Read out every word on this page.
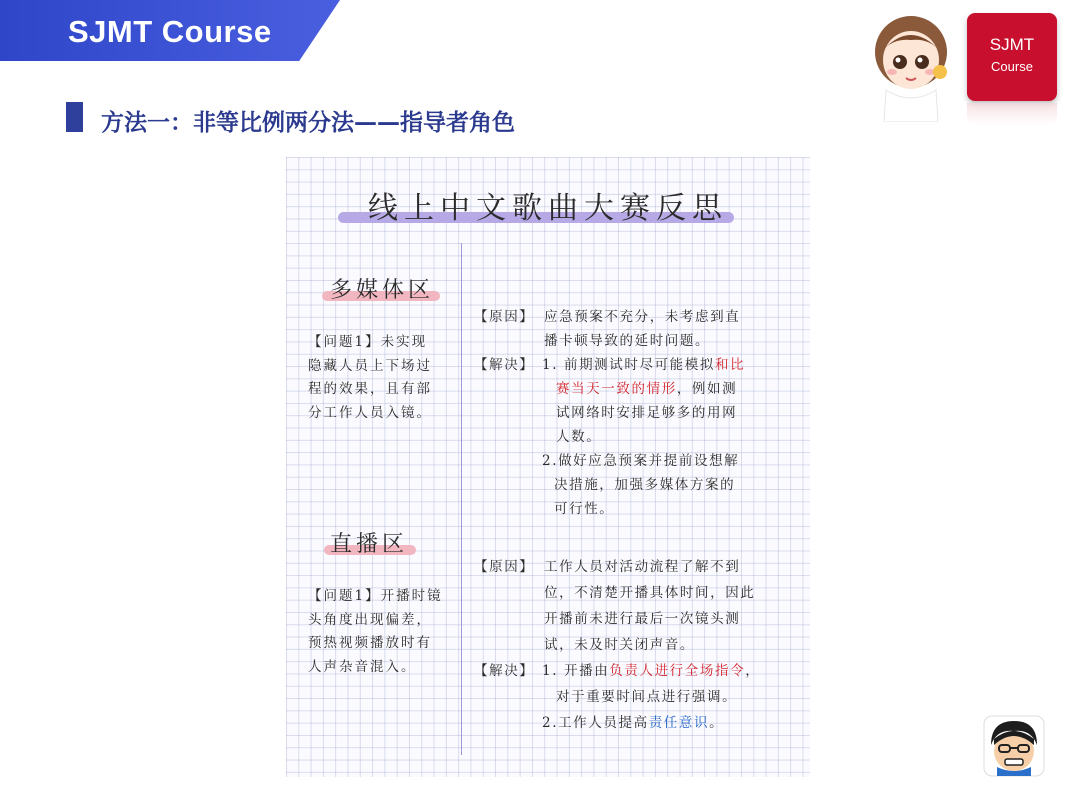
SJMT Course	SJMT
Course
方法一：非等比例两分法——指导者角色
线上中文歌曲大赛反思
多媒体区
【问题1】未实现隐藏人员上下场过程的效果，且有部分工作人员入镜。
【原因】 应急预案不充分，未考虑到直
播卡顿导致的延时问题。
【解决】 1. 前期测试时尽可能模拟和比
赛当天一致的情形，例如测
试网络时安排足够多的用网
人数。
2.做好应急预案并提前设想解
决措施，加强多媒体方案的
可行性。
直播区
【问题1】开播时镜头角度出现偏差，预热视频播放时有人声杂音混入。
【原因】 工作人员对活动流程了解不到
位，不清楚开播具体时间，因此
开播前未进行最后一次镜头测
试，未及时关闭声音。
【解决】 1. 开播由负责人进行全场指令，
对于重要时间点进行强调。
2.工作人员提高责任意识。
